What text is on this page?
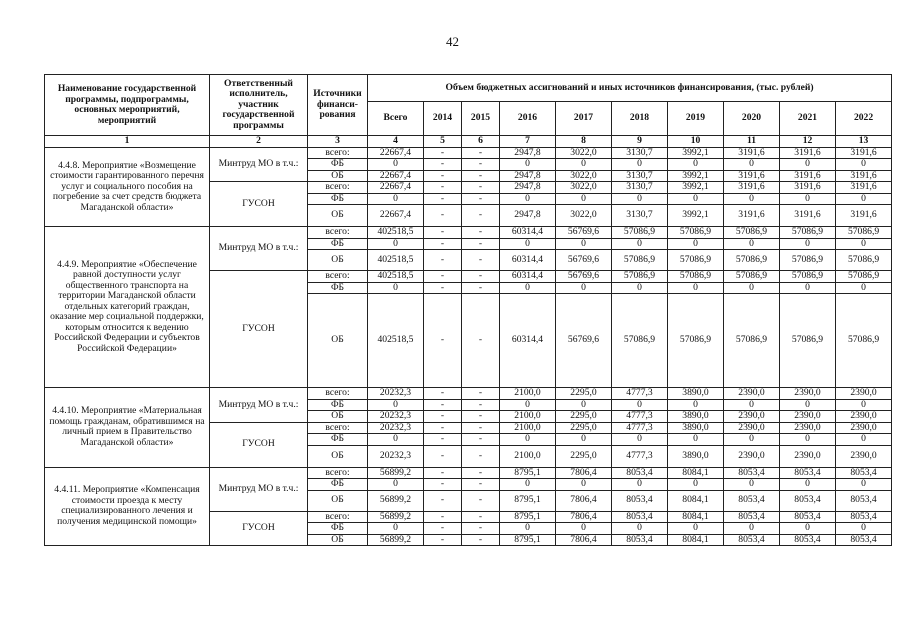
42
Наименование государственной программы, подпрограммы, основных мероприятий, мероприятий	Ответственный исполнитель, участник государственной программы	Источники финанси-рования	Объем бюджетных ассигнований и иных источников финансирования, (тыс. рублей)									
			Всего	2014	2015	2016	2017	2018	2019	2020	2021	2022
1	2	3	4	5	6	7	8	9	10	11	12	13
4.4.8. Мероприятие «Возмещение стоимости гарантированного перечня услуг и социального пособия на погребение за счет средств бюджета Магаданской области»	Минтруд МО в т.ч.:	всего:	22667,4	-	-	2947,8	3022,0	3130,7	3992,1	3191,6	3191,6	3191,6
		ФБ	0	-	-	0	0	0	0	0	0	0
		ОБ	22667,4	-	-	2947,8	3022,0	3130,7	3992,1	3191,6	3191,6	3191,6
	ГУСОН	всего:	22667,4	-	-	2947,8	3022,0	3130,7	3992,1	3191,6	3191,6	3191,6
		ФБ	0	-	-	0	0	0	0	0	0	0
		ОБ	22667,4	-	-	2947,8	3022,0	3130,7	3992,1	3191,6	3191,6	3191,6
4.4.9. Мероприятие «Обеспечение равной доступности услуг общественного транспорта на территории Магаданской области отдельных категорий граждан, оказание мер социальной поддержки, которым относится к ведению Российской Федерации и субъектов Российской Федерации»	Минтруд МО в т.ч.:	всего:	402518,5	-	-	60314,4	56769,6	57086,9	57086,9	57086,9	57086,9	57086,9
		ФБ	0	-	-	0	0	0	0	0	0	0
		ОБ	402518,5	-	-	60314,4	56769,6	57086,9	57086,9	57086,9	57086,9	57086,9
	ГУСОН	всего:	402518,5	-	-	60314,4	56769,6	57086,9	57086,9	57086,9	57086,9	57086,9
		ФБ	0	-	-	0	0	0	0	0	0	0
		ОБ	402518,5	-	-	60314,4	56769,6	57086,9	57086,9	57086,9	57086,9	57086,9
4.4.10. Мероприятие «Материальная помощь гражданам, обратившимся на личный прием в Правительство Магаданской области»	Минтруд МО в т.ч.:	всего:	20232,3	-	-	2100,0	2295,0	4777,3	3890,0	2390,0	2390,0	2390,0
		ФБ	0	-	-	0	0	0	0	0	0	0
		ОБ	20232,3	-	-	2100,0	2295,0	4777,3	3890,0	2390,0	2390,0	2390,0
	ГУСОН	всего:	20232,3	-	-	2100,0	2295,0	4777,3	3890,0	2390,0	2390,0	2390,0
		ФБ	0	-	-	0	0	0	0	0	0	0
		ОБ	20232,3	-	-	2100,0	2295,0	4777,3	3890,0	2390,0	2390,0	2390,0
4.4.11. Мероприятие «Компенсация стоимости проезда к месту специализированного лечения и получения медицинской помощи»	Минтруд МО в т.ч.:	всего:	56899,2	-	-	8795,1	7806,4	8053,4	8084,1	8053,4	8053,4	8053,4
		ФБ	0	-	-	0	0	0	0	0	0	0
		ОБ	56899,2	-	-	8795,1	7806,4	8053,4	8084,1	8053,4	8053,4	8053,4
	ГУСОН	всего:	56899,2	-	-	8795,1	7806,4	8053,4	8084,1	8053,4	8053,4	8053,4
		ФБ	0	-	-	0	0	0	0	0	0	0
		ОБ	56899,2	-	-	8795,1	7806,4	8053,4	8084,1	8053,4	8053,4	8053,4
